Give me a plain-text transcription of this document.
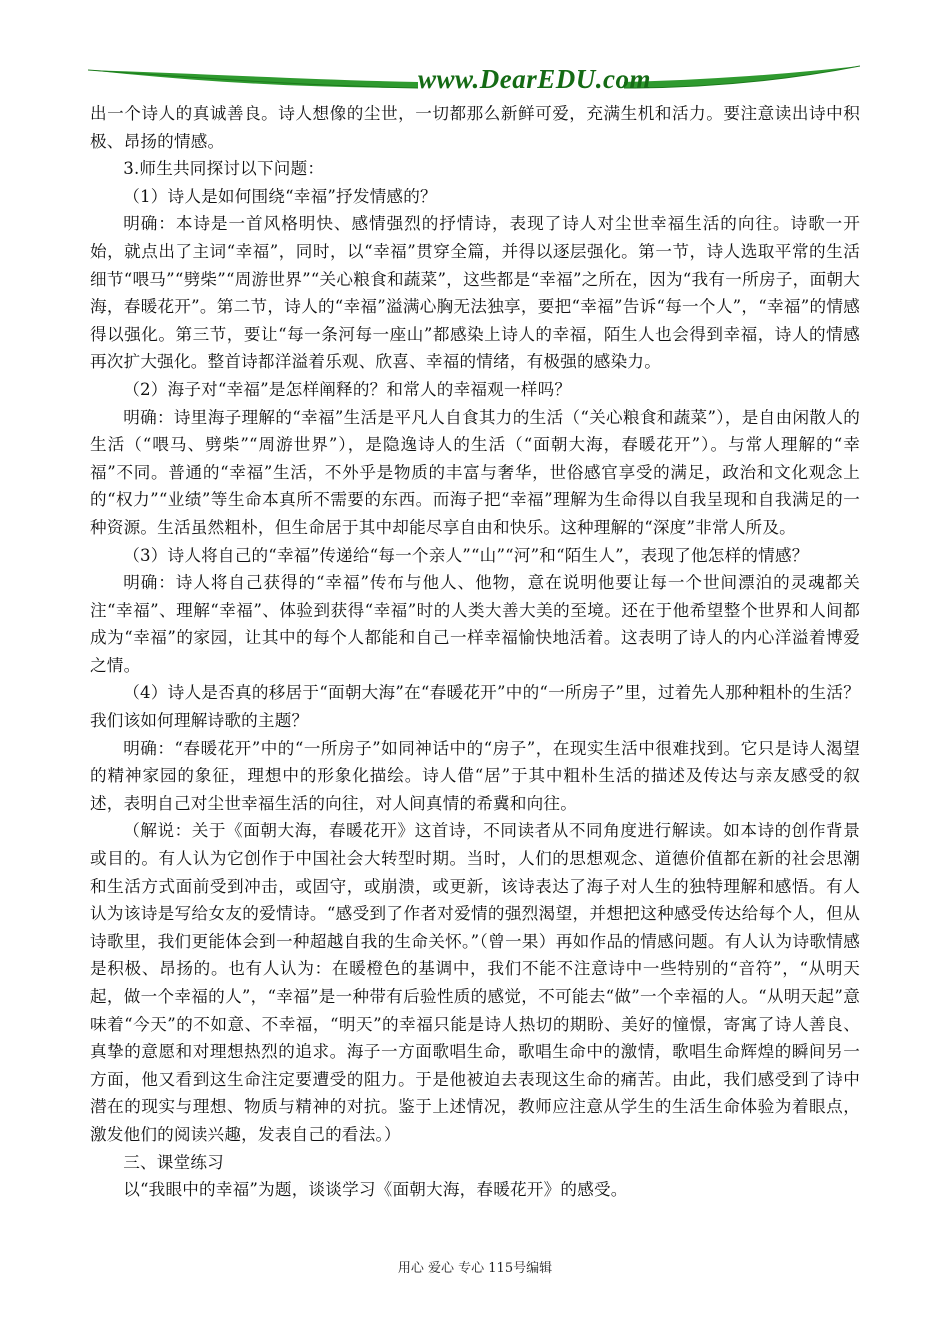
www.DearEDU.com

出一个诗人的真诚善良。诗人想像的尘世，一切都那么新鲜可爱，充满生机和活力。要注意读出诗中积极、昂扬的情感。

3.师生共同探讨以下问题：

（1）诗人是如何围绕“幸福”抒发情感的？

明确：本诗是一首风格明快、感情强烈的抒情诗，表现了诗人对尘世幸福生活的向往。诗歌一开始，就点出了主词“幸福”，同时，以“幸福”贯穿全篇，并得以逐层强化。第一节，诗人选取平常的生活细节“喂马”“劈柴”“周游世界”“关心粮食和蔬菜”，这些都是“幸福”之所在，因为“我有一所房子，面朝大海，春暖花开”。第二节，诗人的“幸福”溢满心胸无法独享，要把“幸福”告诉“每一个人”，“幸福”的情感得以强化。第三节，要让“每一条河每一座山”都感染上诗人的幸福，陌生人也会得到幸福，诗人的情感再次扩大强化。整首诗都洋溢着乐观、欣喜、幸福的情绪，有极强的感染力。

（2）海子对“幸福”是怎样阐释的？和常人的幸福观一样吗？

明确：诗里海子理解的“幸福”生活是平凡人自食其力的生活（“关心粮食和蔬菜”），是自由闲散人的生活（“喂马、劈柴”“周游世界”），是隐逸诗人的生活（“面朝大海，春暖花开”）。与常人理解的“幸福”不同。普通的“幸福”生活，不外乎是物质的丰富与奢华，世俗感官享受的满足，政治和文化观念上的“权力”“业绩”等生命本真所不需要的东西。而海子把“幸福”理解为生命得以自我呈现和自我满足的一种资源。生活虽然粗朴，但生命居于其中却能尽享自由和快乐。这种理解的“深度”非常人所及。

（3）诗人将自己的“幸福”传递给“每一个亲人”“山”“河”和“陌生人”，表现了他怎样的情感？

明确：诗人将自己获得的“幸福”传布与他人、他物，意在说明他要让每一个世间漂泊的灵魂都关注“幸福”、理解“幸福”、体验到获得“幸福”时的人类大善大美的至境。还在于他希望整个世界和人间都成为“幸福”的家园，让其中的每个人都能和自己一样幸福愉快地活着。这表明了诗人的内心洋溢着博爱之情。

（4）诗人是否真的移居于“面朝大海”在“春暖花开”中的“一所房子”里，过着先人那种粗朴的生活？我们该如何理解诗歌的主题？

明确：“春暖花开”中的“一所房子”如同神话中的“房子”，在现实生活中很难找到。它只是诗人渴望的精神家园的象征，理想中的形象化描绘。诗人借“居”于其中粗朴生活的描述及传达与亲友感受的叙述，表明自己对尘世幸福生活的向往，对人间真情的希冀和向往。

（解说：关于《面朝大海，春暖花开》这首诗，不同读者从不同角度进行解读。如本诗的创作背景或目的。有人认为它创作于中国社会大转型时期。当时，人们的思想观念、道德价值都在新的社会思潮和生活方式面前受到冲击，或固守，或崩溃，或更新，该诗表达了海子对人生的独特理解和感悟。有人认为该诗是写给女友的爱情诗。“感受到了作者对爱情的强烈渴望，并想把这种感受传达给每个人，但从诗歌里，我们更能体会到一种超越自我的生命关怀。”（曾一果）再如作品的情感问题。有人认为诗歌情感是积极、昂扬的。也有人认为：在暖橙色的基调中，我们不能不注意诗中一些特别的“音符”，“从明天起，做一个幸福的人”，“幸福”是一种带有后验性质的感觉，不可能去“做”一个幸福的人。“从明天起”意味着“今天”的不如意、不幸福，“明天”的幸福只能是诗人热切的期盼、美好的憧憬，寄寓了诗人善良、真挚的意愿和对理想热烈的追求。海子一方面歌唱生命，歌唱生命中的激情，歌唱生命辉煌的瞬间另一方面，他又看到这生命注定要遭受的阻力。于是他被迫去表现这生命的痛苦。由此，我们感受到了诗中潜在的现实与理想、物质与精神的对抗。鉴于上述情况，教师应注意从学生的生活生命体验为着眼点，激发他们的阅读兴趣，发表自己的看法。）

三、课堂练习

以“我眼中的幸福”为题，谈谈学习《面朝大海，春暖花开》的感受。

用心 爱心 专心 115号编辑
